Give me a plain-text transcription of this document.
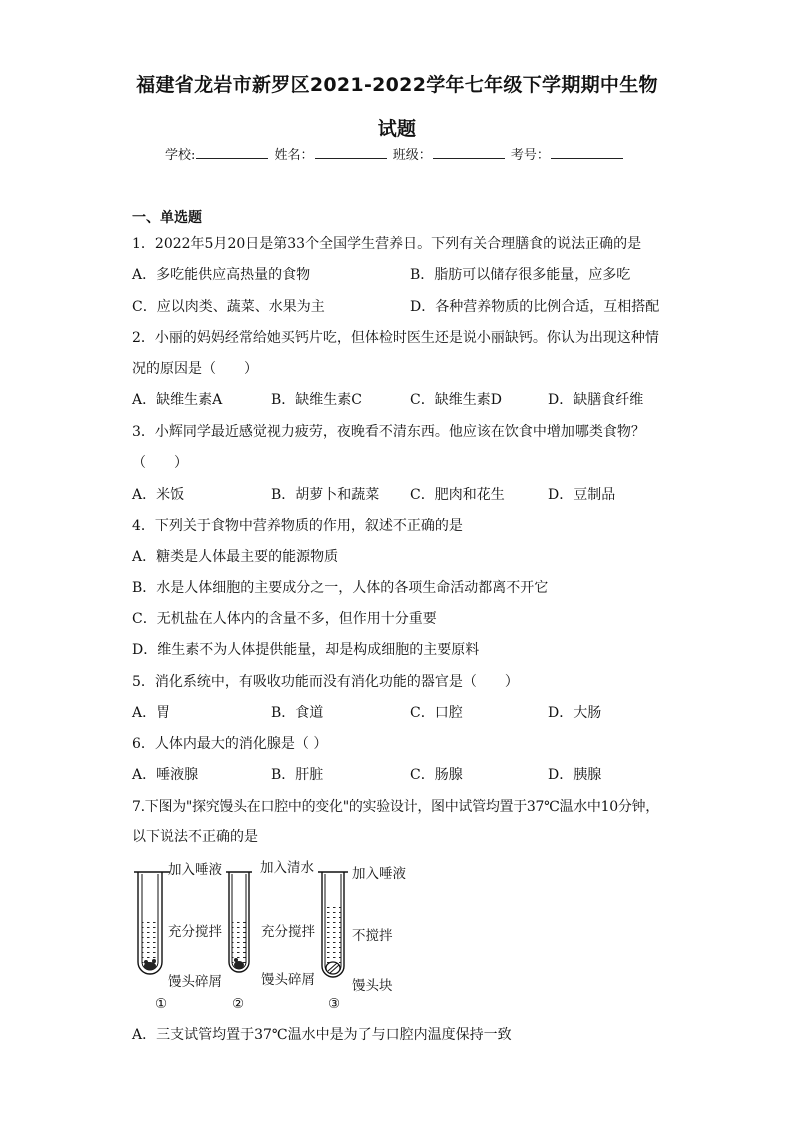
福建省龙岩市新罗区2021-2022学年七年级下学期期中生物
试题
学校:	姓名：	班级：	考号：
一、单选题
1．2022年5月20日是第33个全国学生营养日。下列有关合理膳食的说法正确的是
A．多吃能供应高热量的食物	B．脂肪可以储存很多能量，应多吃
C．应以肉类、蔬菜、水果为主	D．各种营养物质的比例合适，互相搭配
2．小丽的妈妈经常给她买钙片吃，但体检时医生还是说小丽缺钙。你认为出现这种情
况的原因是（　　）
A．缺维生素A	B．缺维生素C	C．缺维生素D	D．缺膳食纤维
3．小辉同学最近感觉视力疲劳，夜晚看不清东西。他应该在饮食中增加哪类食物？
（　　）
A．米饭	B．胡萝卜和蔬菜 C．肥肉和花生	D．豆制品
4．下列关于食物中营养物质的作用，叙述不正确的是
A．糖类是人体最主要的能源物质
B．水是人体细胞的主要成分之一，人体的各项生命活动都离不开它
C．无机盐在人体内的含量不多，但作用十分重要
D．维生素不为人体提供能量，却是构成细胞的主要原料
5．消化系统中，有吸收功能而没有消化功能的器官是（　　）
A．胃	B．食道	C．口腔	D．大肠
6．人体内最大的消化腺是（ ）
A．唾液腺	B．肝脏	C．肠腺	D．胰腺
7.下图为"探究馒头在口腔中的变化"的实验设计，图中试管均置于37℃温水中10分钟，
以下说法不正确的是
加入唾液
充分搅拌
馒头碎屑
①
加入清水
充分搅拌
馒头碎屑
②
加入唾液
不搅拌
馒头块
③
A．三支试管均置于37℃温水中是为了与口腔内温度保持一致
